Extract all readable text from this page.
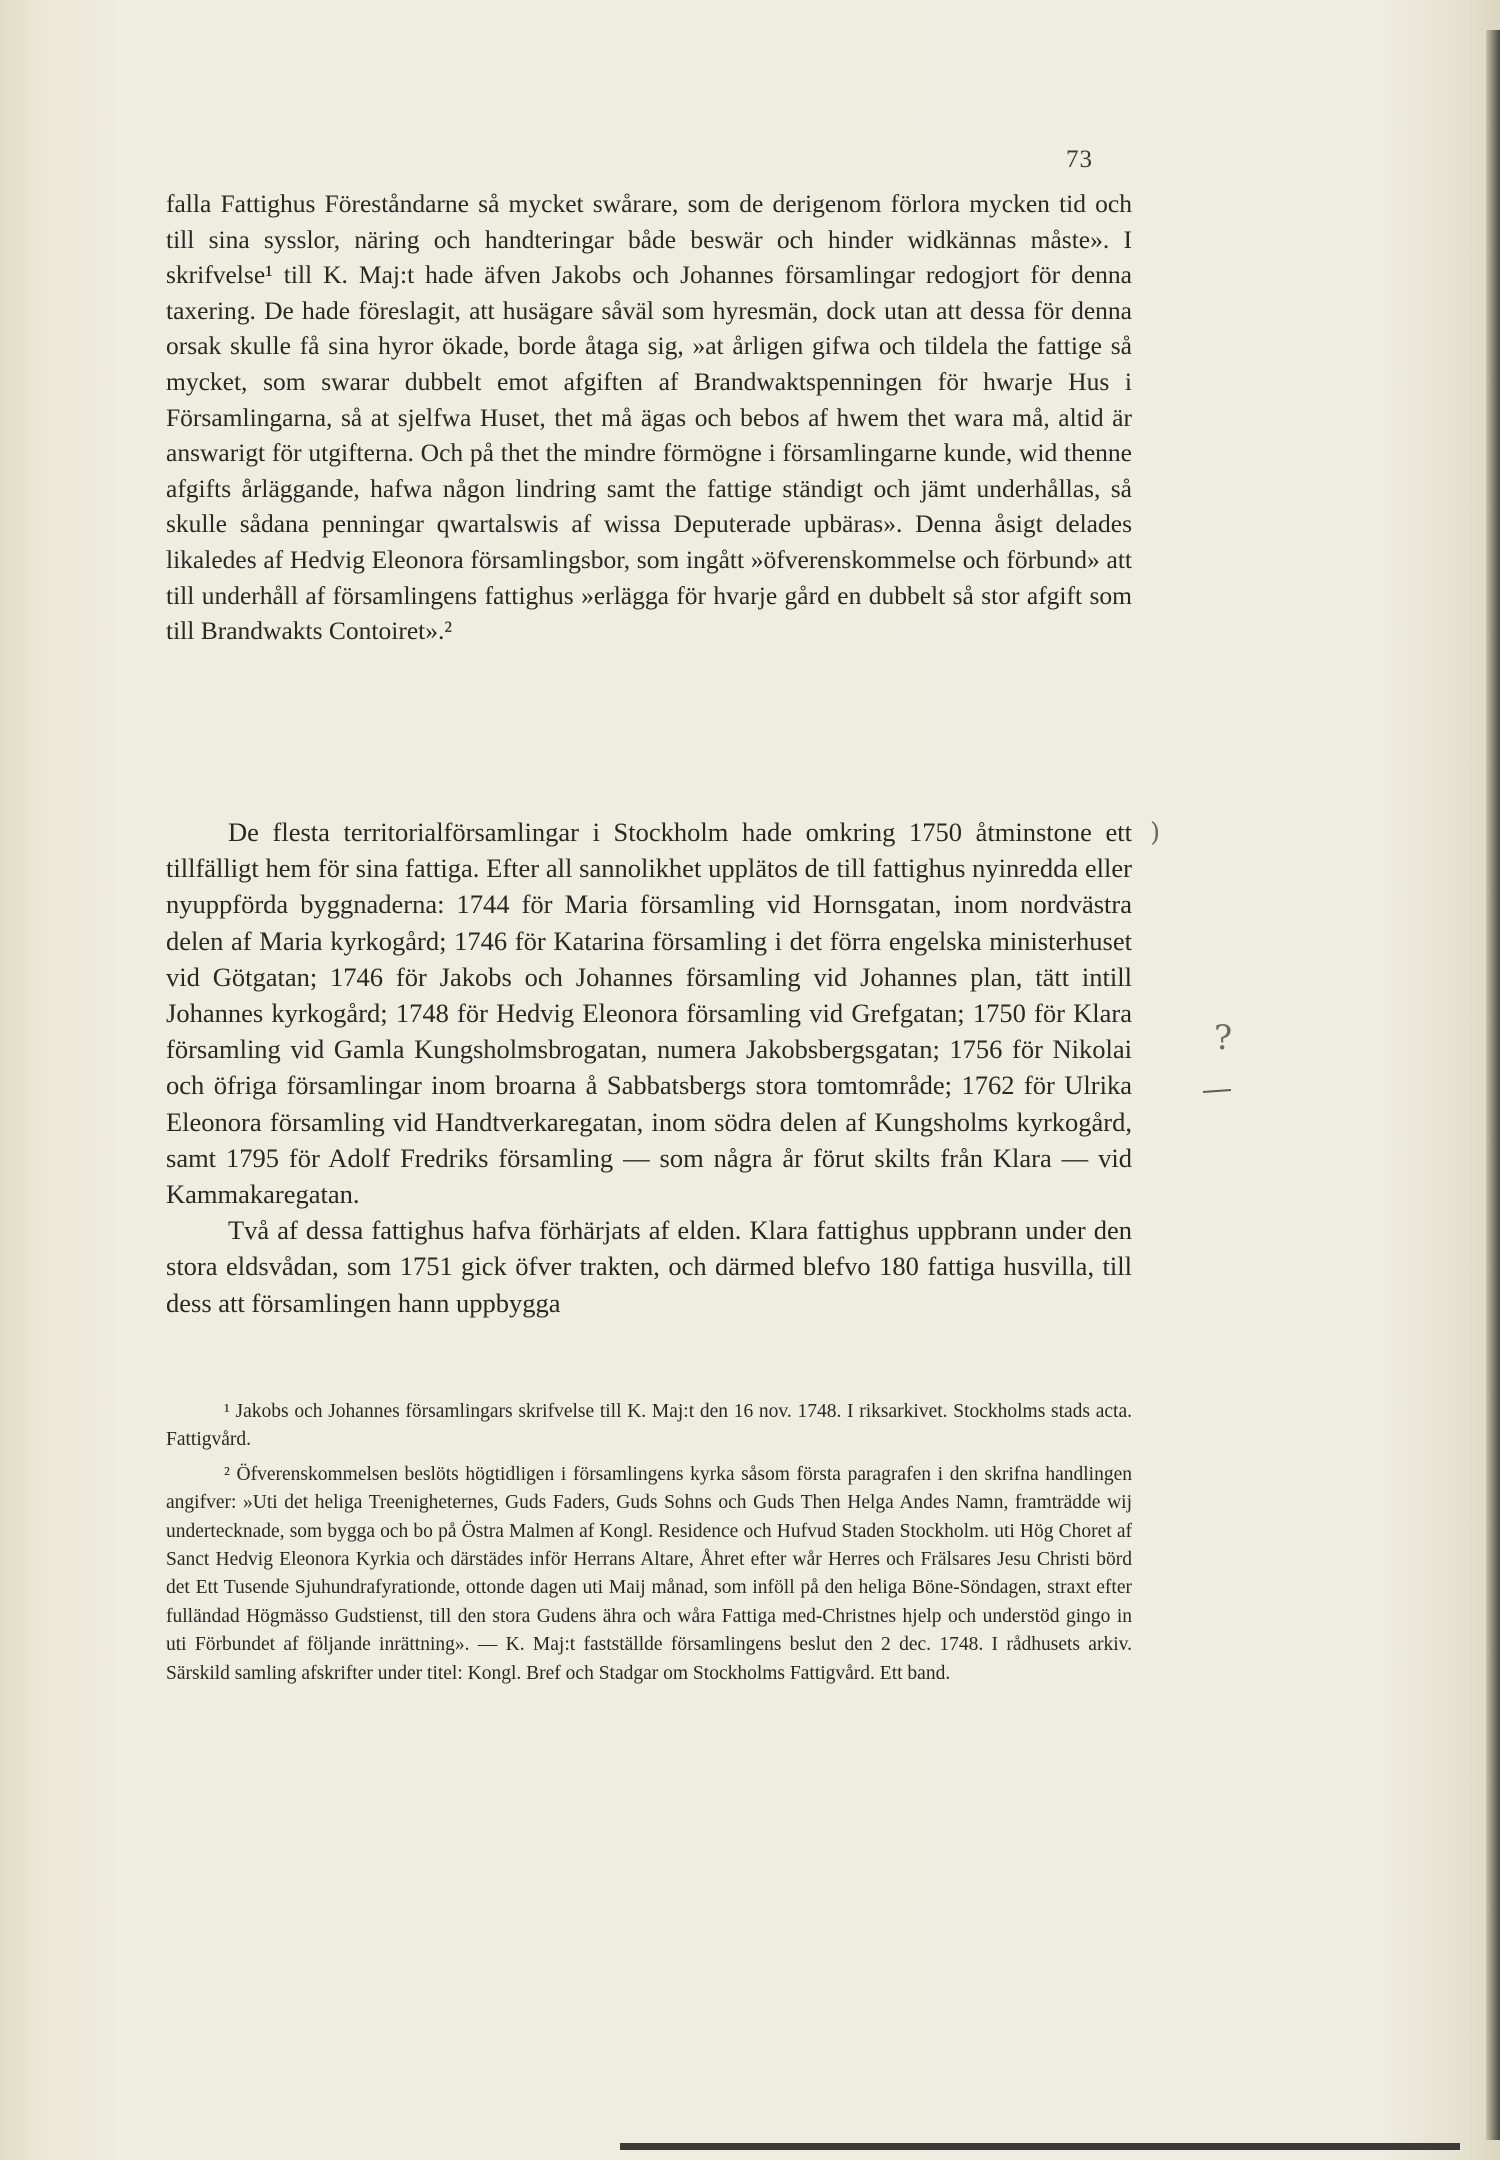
73

falla Fattighus Föreståndarne så mycket swårare, som de derigenom förlora mycken tid och till sina sysslor, näring och handteringar både beswär och hinder widkännas måste». I skrifvelse¹ till K. Maj:t hade äfven Jakobs och Johannes församlingar redogjort för denna taxering. De hade föreslagit, att husägare såväl som hyresmän, dock utan att dessa för denna orsak skulle få sina hyror ökade, borde åtaga sig, »at årligen gifwa och tildela the fattige så mycket, som swarar dubbelt emot afgiften af Brandwaktspenningen för hwarje Hus i Församlingarna, så at sjelfwa Huset, thet må ägas och bebos af hwem thet wara må, altid är answarigt för utgifterna. Och på thet the mindre förmögne i församlingarne kunde, wid thenne afgifts årläggande, hafwa någon lindring samt the fattige ständigt och jämt underhållas, så skulle sådana penningar qwartalswis af wissa Deputerade upbäras». Denna åsigt delades likaledes af Hedvig Eleonora församlingsbor, som ingått »öfverenskommelse och förbund» att till underhåll af församlingens fattighus »erlägga för hvarje gård en dubbelt så stor afgift som till Brandwakts Contoiret».²

De flesta territorialförsamlingar i Stockholm hade omkring 1750 åtminstone ett tillfälligt hem för sina fattiga. Efter all sannolikhet upplätos de till fattighus nyinredda eller nyuppförda byggnaderna: 1744 för Maria församling vid Hornsgatan, inom nordvästra delen af Maria kyrkogård; 1746 för Katarina församling i det förra engelska ministerhuset vid Götgatan; 1746 för Jakobs och Johannes församling vid Johannes plan, tätt intill Johannes kyrkogård; 1748 för Hedvig Eleonora församling vid Grefgatan; 1750 för Klara församling vid Gamla Kungsholmsbrogatan, numera Jakobsbergsgatan; 1756 för Nikolai och öfriga församlingar inom broarna å Sabbatsbergs stora tomtområde; 1762 för Ulrika Eleonora församling vid Handtverkaregatan, inom södra delen af Kungsholms kyrkogård, samt 1795 för Adolf Fredriks församling — som några år förut skilts från Klara — vid Kammakaregatan.

Två af dessa fattighus hafva förhärjats af elden. Klara fattighus uppbrann under den stora eldsvådan, som 1751 gick öfver trakten, och därmed blefvo 180 fattiga husvilla, till dess att församlingen hann uppbygga

)
?

¹ Jakobs och Johannes församlingars skrifvelse till K. Maj:t den 16 nov. 1748. I riksarkivet. Stockholms stads acta. Fattigvård.

² Öfverenskommelsen beslöts högtidligen i församlingens kyrka såsom första paragrafen i den skrifna handlingen angifver: »Uti det heliga Treenigheternes, Guds Faders, Guds Sohns och Guds Then Helga Andes Namn, framträdde wij undertecknade, som bygga och bo på Östra Malmen af Kongl. Residence och Hufvud Staden Stockholm. uti Hög Choret af Sanct Hedvig Eleonora Kyrkia och därstädes inför Herrans Altare, Åhret efter wår Herres och Frälsares Jesu Christi börd det Ett Tusende Sjuhundrafyrationde, ottonde dagen uti Maij månad, som inföll på den heliga Böne-Söndagen, straxt efter fulländad Högmässo Gudstienst, till den stora Gudens ähra och wåra Fattiga med-Christnes hjelp och understöd gingo in uti Förbundet af följande inrättning». — K. Maj:t fastställde församlingens beslut den 2 dec. 1748. I rådhusets arkiv. Särskild samling afskrifter under titel: Kongl. Bref och Stadgar om Stockholms Fattigvård. Ett band.
